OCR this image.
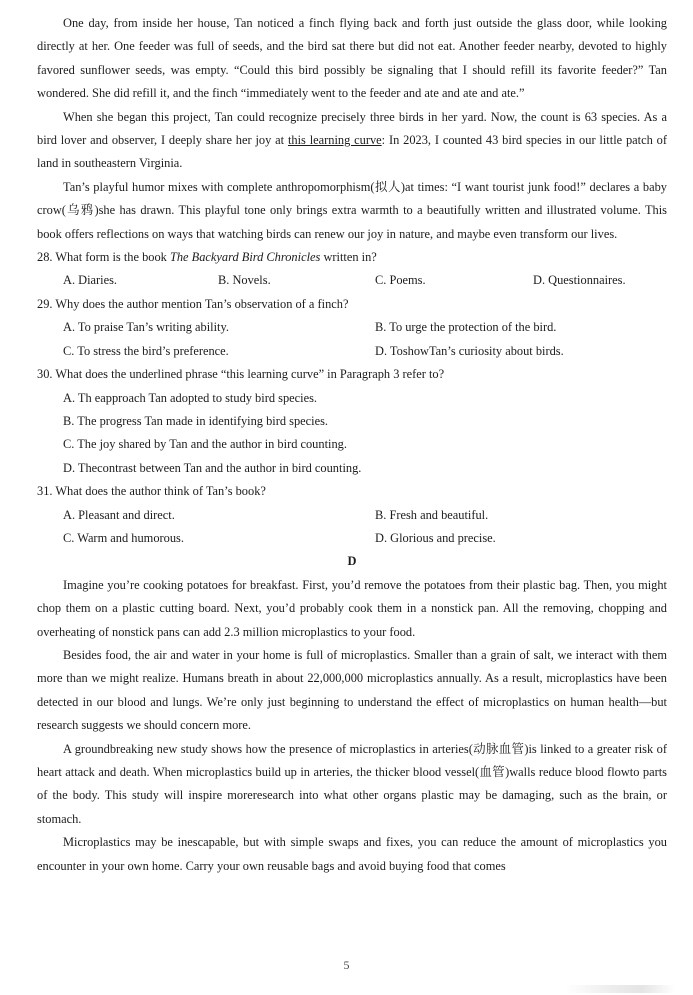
One day, from inside her house, Tan noticed a finch flying back and forth just outside the glass door, while looking directly at her. One feeder was full of seeds, and the bird sat there but did not eat. Another feeder nearby, devoted to highly favored sunflower seeds, was empty. “Could this bird possibly be signaling that I should refill its favorite feeder?” Tan wondered. She did refill it, and the finch “immediately went to the feeder and ate and ate and ate.”

When she began this project, Tan could recognize precisely three birds in her yard. Now, the count is 63 species. As a bird lover and observer, I deeply share her joy at this learning curve: In 2023, I counted 43 bird species in our little patch of land in southeastern Virginia.

Tan’s playful humor mixes with complete anthropomorphism(拟人)at times: “I want tourist junk food!” declares a baby crow(乌鸦)she has drawn. This playful tone only brings extra warmth to a beautifully written and illustrated volume. This book offers reflections on ways that watching birds can renew our joy in nature, and maybe even transform our lives.

28. What form is the book The Backyard Bird Chronicles written in?
A. Diaries.	B. Novels.	C. Poems.	D. Questionnaires.
29. Why does the author mention Tan’s observation of a finch?
A. To praise Tan’s writing ability.	B. To urge the protection of the bird.
C. To stress the bird’s preference.	D. ToshowTan’s curiosity about birds.
30. What does the underlined phrase “this learning curve” in Paragraph 3 refer to?
A. Th eapproach Tan adopted to study bird species.
B. The progress Tan made in identifying bird species.
C. The joy shared by Tan and the author in bird counting.
D. Thecontrast between Tan and the author in bird counting.
31. What does the author think of Tan’s book?
A. Pleasant and direct.	B. Fresh and beautiful.
C. Warm and humorous.	D. Glorious and precise.
D

Imagine you’re cooking potatoes for breakfast. First, you’d remove the potatoes from their plastic bag. Then, you might chop them on a plastic cutting board. Next, you’d probably cook them in a nonstick pan. All the removing, chopping and overheating of nonstick pans can add 2.3 million microplastics to your food.

Besides food, the air and water in your home is full of microplastics. Smaller than a grain of salt, we interact with them more than we might realize. Humans breath in about 22,000,000 microplastics annually. As a result, microplastics have been detected in our blood and lungs. We’re only just beginning to understand the effect of microplastics on human health—but research suggests we should concern more.

A groundbreaking new study shows how the presence of microplastics in arteries(动脉血管)is linked to a greater risk of heart attack and death. When microplastics build up in arteries, the thicker blood vessel(血管)walls reduce blood flowto parts of the body. This study will inspire moreresearch into what other organs plastic may be damaging, such as the brain, or stomach.

Microplastics may be inescapable, but with simple swaps and fixes, you can reduce the amount of microplastics you encounter in your own home. Carry your own reusable bags and avoid buying food that comes

5
